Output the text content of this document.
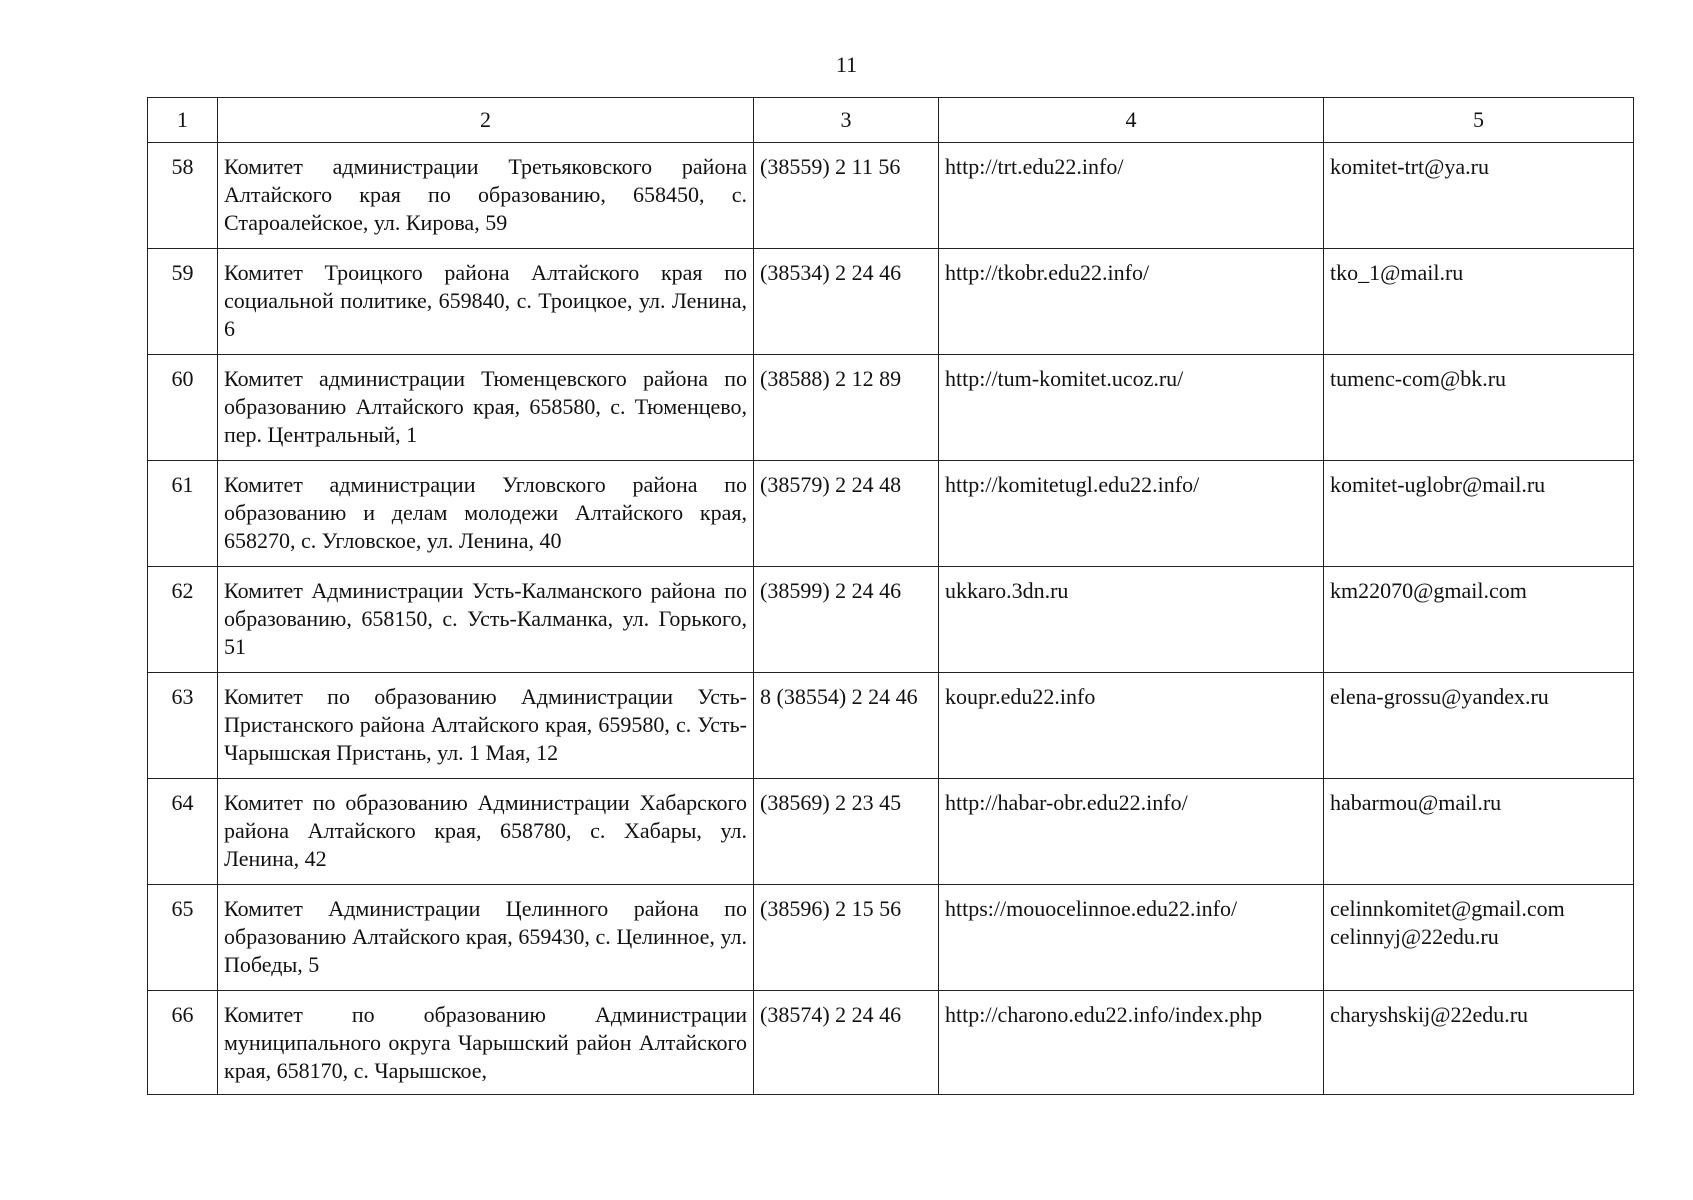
11
1	2	3	4	5
58	Комитет администрации Третьяковского района Алтайского края по образованию, 658450, с. Староалейское, ул. Кирова, 59	(38559) 2 11 56	http://trt.edu22.info/	komitet-trt@ya.ru

59	Комитет Троицкого района Алтайского края по социальной политике, 659840, с. Троицкое, ул. Ленина, 6	(38534) 2 24 46	http://tkobr.edu22.info/	tko_1@mail.ru

60	Комитет администрации Тюменцевского района по образованию Алтайского края, 658580, с. Тюменцево, пер. Центральный, 1	(38588) 2 12 89	http://tum-komitet.ucoz.ru/	tumenc-com@bk.ru

61	Комитет администрации Угловского района по образованию и делам молодежи Алтайского края, 658270, с. Угловское, ул. Ленина, 40	(38579) 2 24 48	http://komitetugl.edu22.info/	komitet-uglobr@mail.ru

62	Комитет Администрации Усть-Калманского района по образованию, 658150, с. Усть-Калманка, ул. Горького, 51	(38599) 2 24 46	ukkaro.3dn.ru	km22070@gmail.com

63	Комитет по образованию Администрации Усть-Пристанского района Алтайского края, 659580, с. Усть-Чарышская Пристань, ул. 1 Мая, 12	8 (38554) 2 24 46	koupr.edu22.info	elena-grossu@yandex.ru

64	Комитет по образованию Администрации Хабарского района Алтайского края, 658780, с. Хабары, ул. Ленина, 42	(38569) 2 23 45	http://habar-obr.edu22.info/	habarmou@mail.ru

65	Комитет Администрации Целинного района по образованию Алтайского края, 659430, с. Целинное, ул. Победы, 5	(38596) 2 15 56	https://mouocelinnoe.edu22.info/	celinnkomitet@gmail.com
celinnyj@22edu.ru

66	Комитет по образованию Администрации муниципального округа Чарышский район Алтайского края, 658170, с. Чарышское,	(38574) 2 24 46	http://charono.edu22.info/index.php	charyshskij@22edu.ru
